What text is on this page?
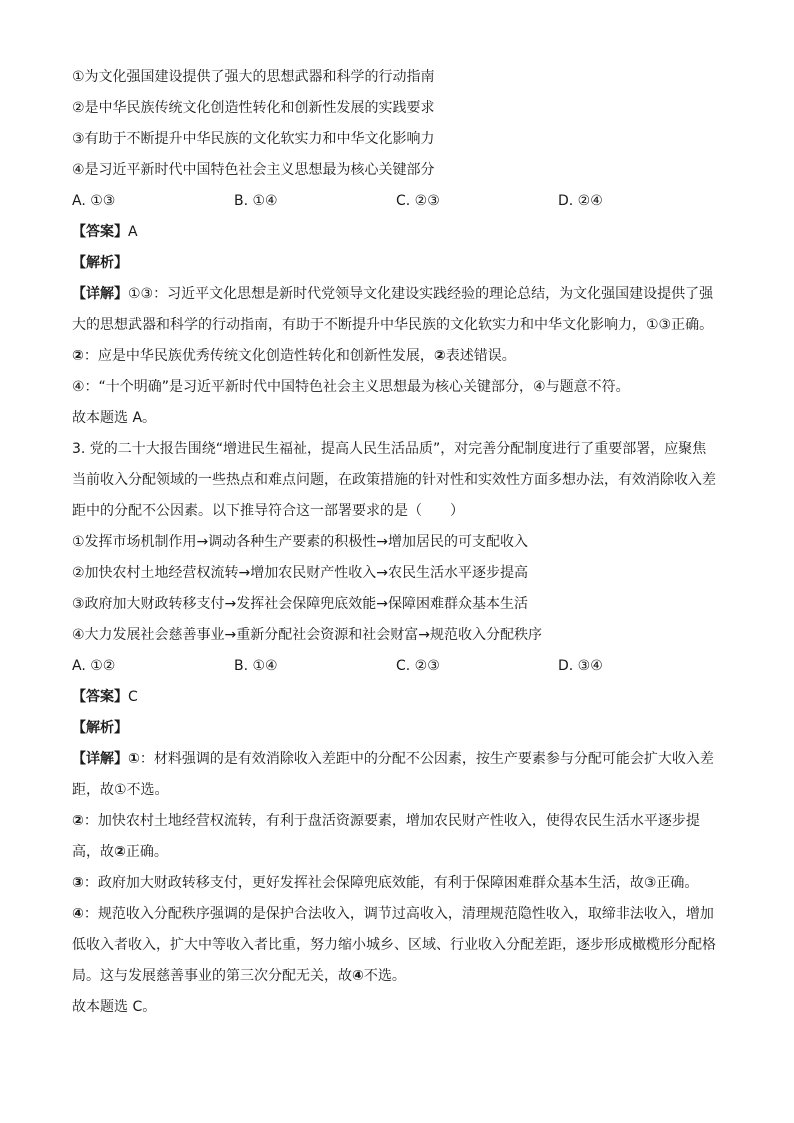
①为文化强国建设提供了强大的思想武器和科学的行动指南
②是中华民族传统文化创造性转化和创新性发展的实践要求
③有助于不断提升中华民族的文化软实力和中华文化影响力
④是习近平新时代中国特色社会主义思想最为核心关键部分
A. ①③	B. ①④	C. ②③	D. ②④
【答案】A
【解析】
【详解】①③：习近平文化思想是新时代党领导文化建设实践经验的理论总结，为文化强国建设提供了强
大的思想武器和科学的行动指南，有助于不断提升中华民族的文化软实力和中华文化影响力，①③正确。
②：应是中华民族优秀传统文化创造性转化和创新性发展，②表述错误。
④：“十个明确”是习近平新时代中国特色社会主义思想最为核心关键部分，④与题意不符。
故本题选 A。
3. 党的二十大报告围绕“增进民生福祉，提高人民生活品质”，对完善分配制度进行了重要部署，应聚焦
当前收入分配领域的一些热点和难点问题，在政策措施的针对性和实效性方面多想办法，有效消除收入差
距中的分配不公因素。以下推导符合这一部署要求的是（　　）
①发挥市场机制作用→调动各种生产要素的积极性→增加居民的可支配收入
②加快农村土地经营权流转→增加农民财产性收入→农民生活水平逐步提高
③政府加大财政转移支付→发挥社会保障兜底效能→保障困难群众基本生活
④大力发展社会慈善事业→重新分配社会资源和社会财富→规范收入分配秩序
A. ①②	B. ①④	C. ②③	D. ③④
【答案】C
【解析】
【详解】①：材料强调的是有效消除收入差距中的分配不公因素，按生产要素参与分配可能会扩大收入差
距，故①不选。
②：加快农村土地经营权流转，有利于盘活资源要素，增加农民财产性收入，使得农民生活水平逐步提
高，故②正确。
③：政府加大财政转移支付，更好发挥社会保障兜底效能，有利于保障困难群众基本生活，故③正确。
④：规范收入分配秩序强调的是保护合法收入，调节过高收入，清理规范隐性收入，取缔非法收入，增加
低收入者收入，扩大中等收入者比重，努力缩小城乡、区域、行业收入分配差距，逐步形成橄榄形分配格
局。这与发展慈善事业的第三次分配无关，故④不选。
故本题选 C。
